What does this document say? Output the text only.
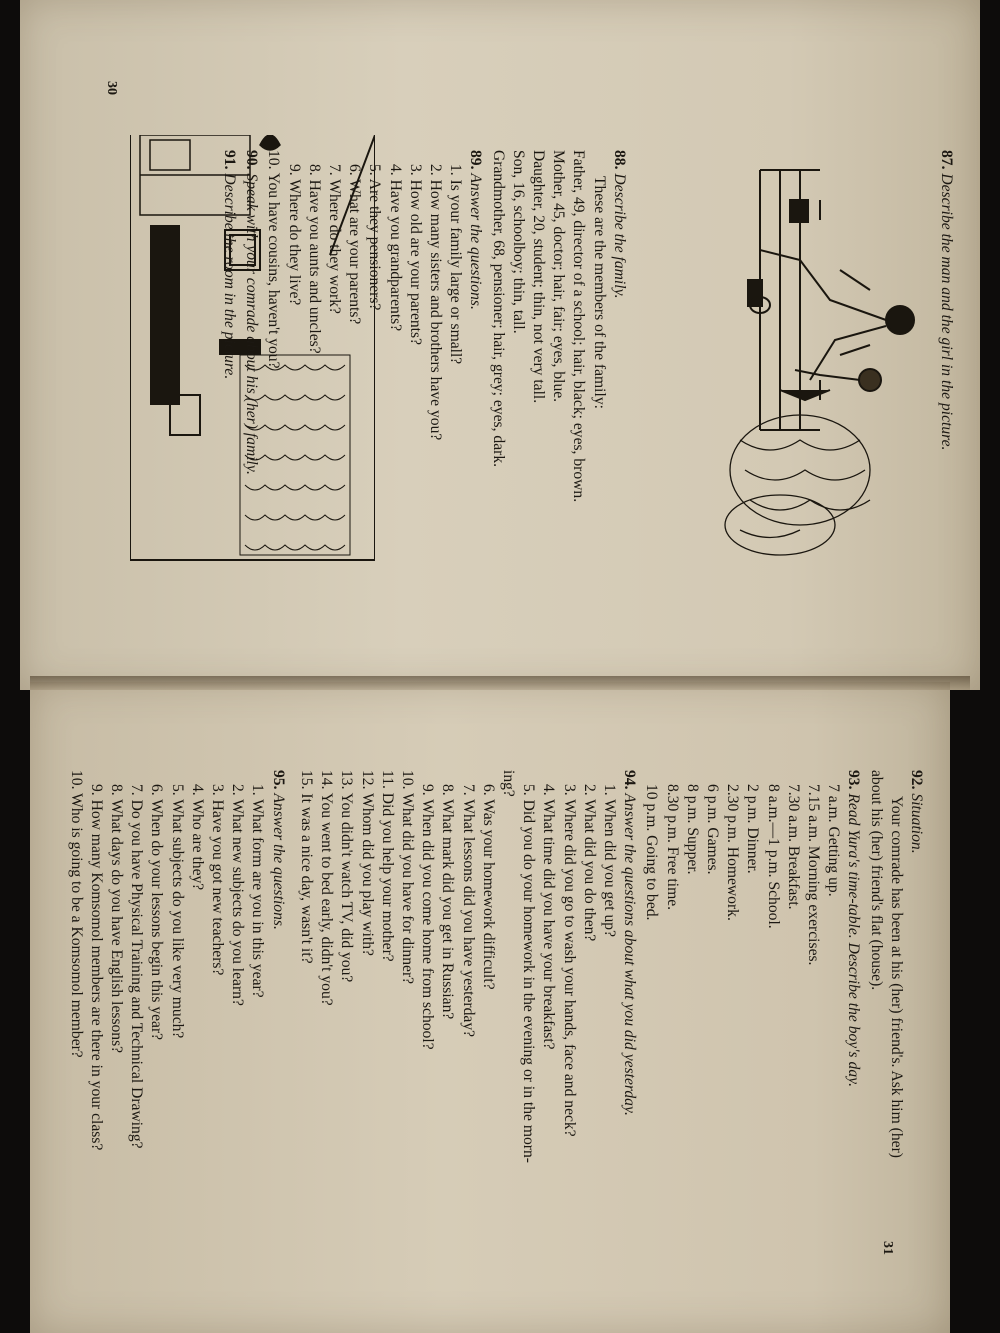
87. Describe the man and the girl in the picture.
88. Describe the family.
These are the members of the family:
Father, 49, director of a school; hair, black; eyes, brown.
Mother, 45, doctor; hair, fair; eyes, blue.
Daughter, 20, student; thin, not very tall.
Son, 16, schoolboy; thin, tall.
Grandmother, 68, pensioner; hair, grey; eyes, dark.
89. Answer the questions.
1. Is your family large or small?
2. How many sisters and brothers have you?
3. How old are your parents?
4. Have you grandparents?
5. Are they pensioners?
6. What are your parents?
7. Where do they work?
8. Have you aunts and uncles?
9. Where do they live?
10. You have cousins, haven't you?
90. Speak with your comrade about his (her) family.
91. Describe the room in the picture.
30
92. Situation.
Your comrade has been at his (her) friend's. Ask him (her)
about his (her) friend's flat (house).
93. Read Yura's time-table. Describe the boy's day.
7 a.m. Getting up.
7.15 a.m. Morning exercises.
7.30 a.m. Breakfast.
8 a.m.—1 p.m. School.
2 p.m. Dinner.
2.30 p.m. Homework.
6 p.m. Games.
8 p.m. Supper.
8.30 p.m. Free time.
10 p.m. Going to bed.
94. Answer the questions about what you did yesterday.
1. When did you get up?
2. What did you do then?
3. Where did you go to wash your hands, face and neck?
4. What time did you have your breakfast?
5. Did you do your homework in the evening or in the morn-
ing?
6. Was your homework difficult?
7. What lessons did you have yesterday?
8. What mark did you get in Russian?
9. When did you come home from school?
10. What did you have for dinner?
11. Did you help your mother?
12. Whom did you play with?
13. You didn't watch TV, did you?
14. You went to bed early, didn't you?
15. It was a nice day, wasn't it?
95. Answer the questions.
1. What form are you in this year?
2. What new subjects do you learn?
3. Have you got new teachers?
4. Who are they?
5. What subjects do you like very much?
6. When do your lessons begin this year?
7. Do you have Physical Training and Technical Drawing?
8. What days do you have English lessons?
9. How many Komsomol members are there in your class?
10. Who is going to be a Komsomol member?
31
